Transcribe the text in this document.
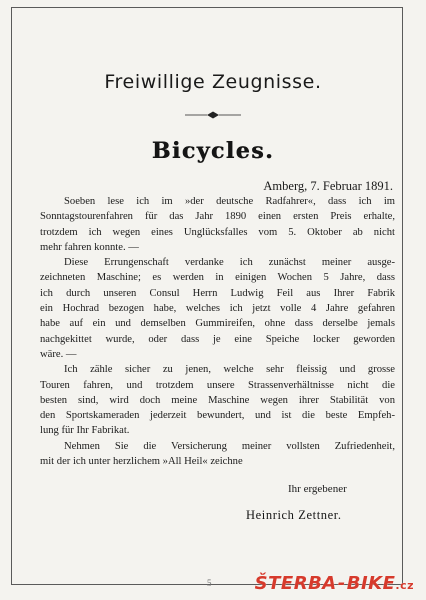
Freiwillige Zeugnisse.
Bicycles.
Amberg, 7. Februar 1891.
Soeben lese ich im »der deutsche Radfahrer«, dass ich im
Sonntagstourenfahren für das Jahr 1890 einen ersten Preis erhalte,
trotzdem ich wegen eines Unglücksfalles vom 5. Oktober ab nicht
mehr fahren konnte. —
Diese Errungenschaft verdanke ich zunächst meiner ausge-
zeichneten Maschine; es werden in einigen Wochen 5 Jahre, dass
ich durch unseren Consul Herrn Ludwig Feil aus Ihrer Fabrik
ein Hochrad bezogen habe, welches ich jetzt volle 4 Jahre gefahren
habe auf ein und demselben Gummireifen, ohne dass derselbe jemals
nachgekittet wurde, oder dass je eine Speiche locker geworden
wäre. —
Ich zähle sicher zu jenen, welche sehr fleissig und grosse
Touren fahren, und trotzdem unsere Strassenverhältnisse nicht die
besten sind, wird doch meine Maschine wegen ihrer Stabilität von
den Sportskameraden jederzeit bewundert, und ist die beste Empfeh-
lung für Ihr Fabrikat.
Nehmen Sie die Versicherung meiner vollsten Zufriedenheit,
mit der ich unter herzlichem »All Heil« zeichne
Ihr ergebener
Heinrich Zettner.
5 ŠTERBA-BIKE.cz
